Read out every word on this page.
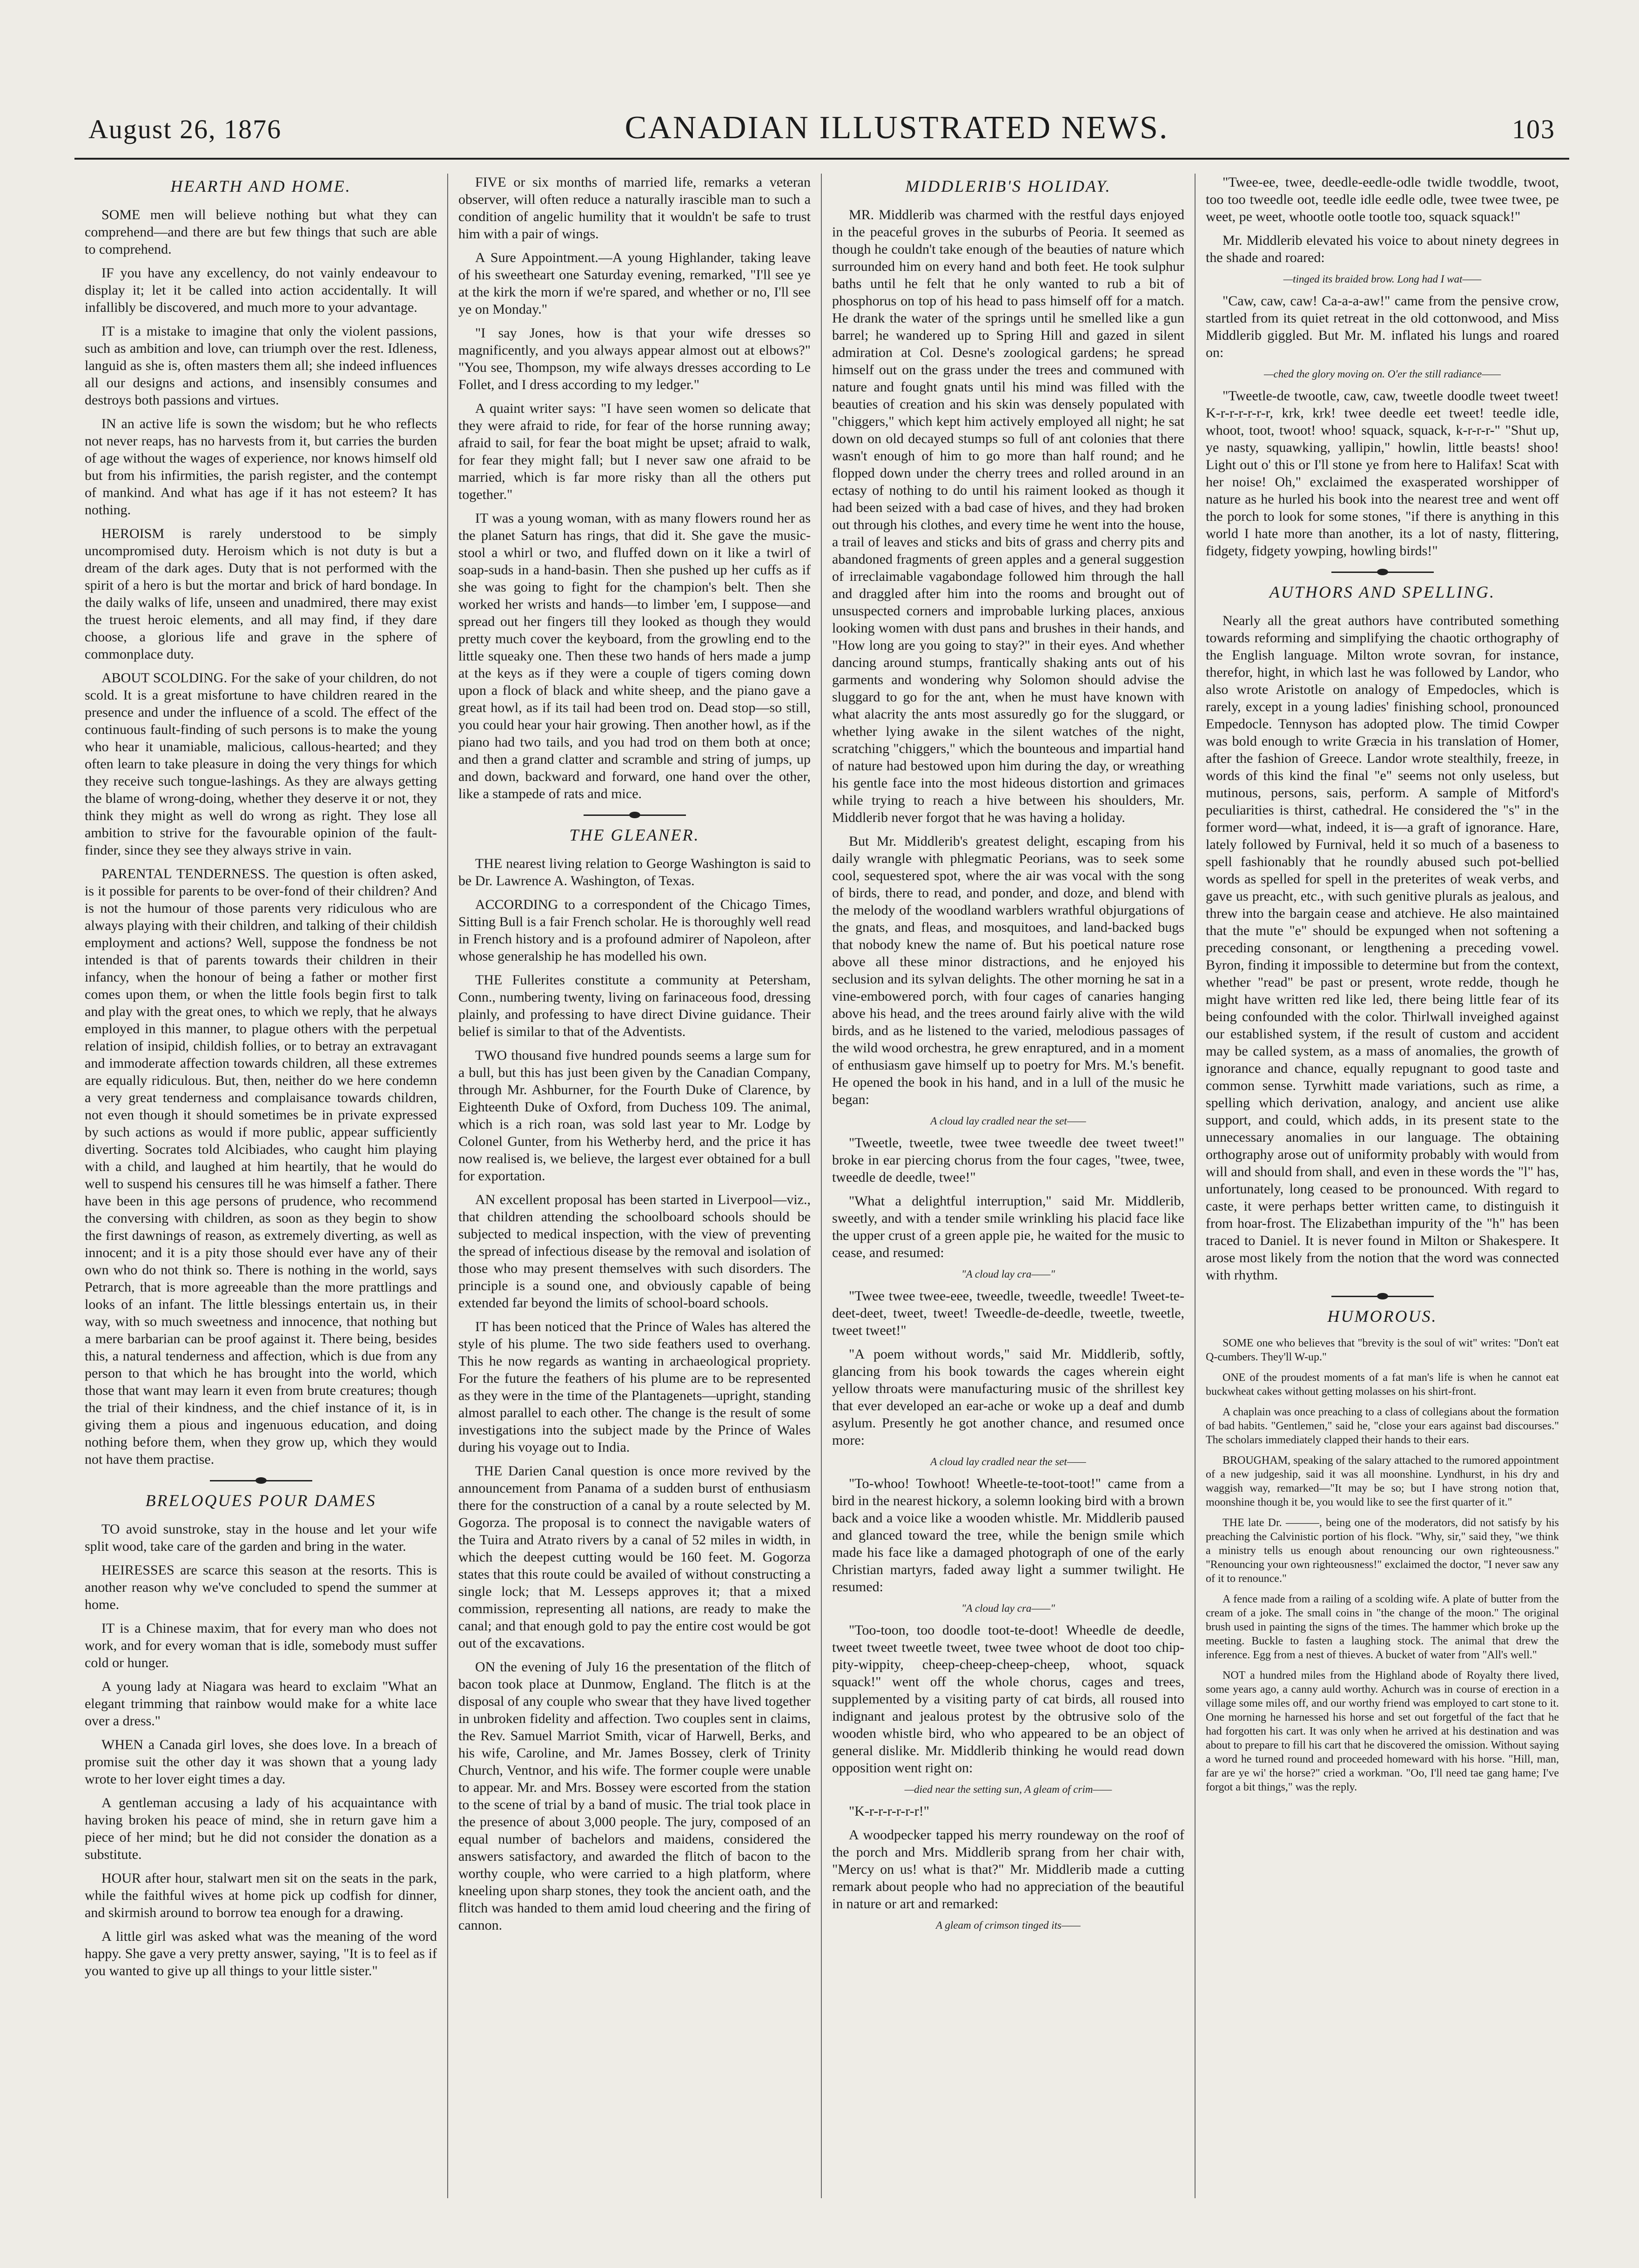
August 26, 1876	CANADIAN ILLUSTRATED NEWS.	103
HEARTH AND HOME.

SOME men will believe nothing but what they can comprehend—and there are but few things that such are able to comprehend.

IF you have any excellency, do not vainly endeavour to display it; let it be called into action accidentally. It will infallibly be discovered, and much more to your advantage.

IT is a mistake to imagine that only the violent passions, such as ambition and love, can triumph over the rest. Idleness, languid as she is, often masters them all; she indeed influences all our designs and actions, and insensibly consumes and destroys both passions and virtues.

IN an active life is sown the wisdom; but he who reflects not never reaps, has no harvests from it, but carries the burden of age without the wages of experience, nor knows himself old but from his infirmities, the parish register, and the contempt of mankind. And what has age if it has not esteem? It has nothing.

HEROISM is rarely understood to be simply uncompromised duty. Heroism which is not duty is but a dream of the dark ages. Duty that is not performed with the spirit of a hero is but the mortar and brick of hard bondage. In the daily walks of life, unseen and unadmired, there may exist the truest heroic elements, and all may find, if they dare choose, a glorious life and grave in the sphere of commonplace duty.

ABOUT SCOLDING. For the sake of your children, do not scold. It is a great misfortune to have children reared in the presence and under the influence of a scold. The effect of the continuous fault-finding of such persons is to make the young who hear it unamiable, malicious, callous-hearted; and they often learn to take pleasure in doing the very things for which they receive such tongue-lashings. As they are always getting the blame of wrong-doing, whether they deserve it or not, they think they might as well do wrong as right. They lose all ambition to strive for the favourable opinion of the fault-finder, since they see they always strive in vain.

PARENTAL TENDERNESS. The question is often asked, is it possible for parents to be over-fond of their children? And is not the humour of those parents very ridiculous who are always playing with their children, and talking of their childish employment and actions? Well, suppose the fondness be not intended is that of parents towards their children in their infancy, when the honour of being a father or mother first comes upon them, or when the little fools begin first to talk and play with the great ones, to which we reply, that he always employed in this manner, to plague others with the perpetual relation of insipid, childish follies, or to betray an extravagant and immoderate affection towards children, all these extremes are equally ridiculous. But, then, neither do we here condemn a very great tenderness and complaisance towards children, not even though it should sometimes be in private expressed by such actions as would if more public, appear sufficiently diverting. Socrates told Alcibiades, who caught him playing with a child, and laughed at him heartily, that he would do well to suspend his censures till he was himself a father. There have been in this age persons of prudence, who recommend the conversing with children, as soon as they begin to show the first dawnings of reason, as extremely diverting, as well as innocent; and it is a pity those should ever have any of their own who do not think so. There is nothing in the world, says Petrarch, that is more agreeable than the more prattlings and looks of an infant. The little blessings entertain us, in their way, with so much sweetness and innocence, that nothing but a mere barbarian can be proof against it. There being, besides this, a natural tenderness and affection, which is due from any person to that which he has brought into the world, which those that want may learn it even from brute creatures; though the trial of their kindness, and the chief instance of it, is in giving them a pious and ingenuous education, and doing nothing before them, when they grow up, which they would not have them practise.

BRELOQUES POUR DAMES

TO avoid sunstroke, stay in the house and let your wife split wood, take care of the garden and bring in the water.

HEIRESSES are scarce this season at the resorts. This is another reason why we've concluded to spend the summer at home.

IT is a Chinese maxim, that for every man who does not work, and for every woman that is idle, somebody must suffer cold or hunger.

A young lady at Niagara was heard to exclaim "What an elegant trimming that rainbow would make for a white lace over a dress."

WHEN a Canada girl loves, she does love. In a breach of promise suit the other day it was shown that a young lady wrote to her lover eight times a day.

A gentleman accusing a lady of his acquaintance with having broken his peace of mind, she in return gave him a piece of her mind; but he did not consider the donation as a substitute.

HOUR after hour, stalwart men sit on the seats in the park, while the faithful wives at home pick up codfish for dinner, and skirmish around to borrow tea enough for a drawing.

A little girl was asked what was the meaning of the word happy. She gave a very pretty answer, saying, "It is to feel as if you wanted to give up all things to your little sister."

FIVE or six months of married life, remarks a veteran observer, will often reduce a naturally irascible man to such a condition of angelic humility that it wouldn't be safe to trust him with a pair of wings.

A Sure Appointment.—A young Highlander, taking leave of his sweetheart one Saturday evening, remarked, "I'll see ye at the kirk the morn if we're spared, and whether or no, I'll see ye on Monday."

"I say Jones, how is that your wife dresses so magnificently, and you always appear almost out at elbows?" "You see, Thompson, my wife always dresses according to Le Follet, and I dress according to my ledger."

A quaint writer says: "I have seen women so delicate that they were afraid to ride, for fear of the horse running away; afraid to sail, for fear the boat might be upset; afraid to walk, for fear they might fall; but I never saw one afraid to be married, which is far more risky than all the others put together."

IT was a young woman, with as many flowers round her as the planet Saturn has rings, that did it. She gave the music-stool a whirl or two, and fluffed down on it like a twirl of soap-suds in a hand-basin. Then she pushed up her cuffs as if she was going to fight for the champion's belt. Then she worked her wrists and hands—to limber 'em, I suppose—and spread out her fingers till they looked as though they would pretty much cover the keyboard, from the growling end to the little squeaky one. Then these two hands of hers made a jump at the keys as if they were a couple of tigers coming down upon a flock of black and white sheep, and the piano gave a great howl, as if its tail had been trod on. Dead stop—so still, you could hear your hair growing. Then another howl, as if the piano had two tails, and you had trod on them both at once; and then a grand clatter and scramble and string of jumps, up and down, backward and forward, one hand over the other, like a stampede of rats and mice.

THE GLEANER.

THE nearest living relation to George Washington is said to be Dr. Lawrence A. Washington, of Texas.

ACCORDING to a correspondent of the Chicago Times, Sitting Bull is a fair French scholar. He is thoroughly well read in French history and is a profound admirer of Napoleon, after whose generalship he has modelled his own.

THE Fullerites constitute a community at Petersham, Conn., numbering twenty, living on farinaceous food, dressing plainly, and professing to have direct Divine guidance. Their belief is similar to that of the Adventists.

TWO thousand five hundred pounds seems a large sum for a bull, but this has just been given by the Canadian Company, through Mr. Ashburner, for the Fourth Duke of Clarence, by Eighteenth Duke of Oxford, from Duchess 109. The animal, which is a rich roan, was sold last year to Mr. Lodge by Colonel Gunter, from his Wetherby herd, and the price it has now realised is, we believe, the largest ever obtained for a bull for exportation.

AN excellent proposal has been started in Liverpool—viz., that children attending the schoolboard schools should be subjected to medical inspection, with the view of preventing the spread of infectious disease by the removal and isolation of those who may present themselves with such disorders. The principle is a sound one, and obviously capable of being extended far beyond the limits of school-board schools.

IT has been noticed that the Prince of Wales has altered the style of his plume. The two side feathers used to overhang. This he now regards as wanting in archaeological propriety. For the future the feathers of his plume are to be represented as they were in the time of the Plantagenets—upright, standing almost parallel to each other. The change is the result of some investigations into the subject made by the Prince of Wales during his voyage out to India.

THE Darien Canal question is once more revived by the announcement from Panama of a sudden burst of enthusiasm there for the construction of a canal by a route selected by M. Gogorza. The proposal is to connect the navigable waters of the Tuira and Atrato rivers by a canal of 52 miles in width, in which the deepest cutting would be 160 feet. M. Gogorza states that this route could be availed of without constructing a single lock; that M. Lesseps approves it; that a mixed commission, representing all nations, are ready to make the canal; and that enough gold to pay the entire cost would be got out of the excavations.

ON the evening of July 16 the presentation of the flitch of bacon took place at Dunmow, England. The flitch is at the disposal of any couple who swear that they have lived together in unbroken fidelity and affection. Two couples sent in claims, the Rev. Samuel Marriot Smith, vicar of Harwell, Berks, and his wife, Caroline, and Mr. James Bossey, clerk of Trinity Church, Ventnor, and his wife. The former couple were unable to appear. Mr. and Mrs. Bossey were escorted from the station to the scene of trial by a band of music. The trial took place in the presence of about 3,000 people. The jury, composed of an equal number of bachelors and maidens, considered the answers satisfactory, and awarded the flitch of bacon to the worthy couple, who were carried to a high platform, where kneeling upon sharp stones, they took the ancient oath, and the flitch was handed to them amid loud cheering and the firing of cannon.

MIDDLERIB'S HOLIDAY.

MR. Middlerib was charmed with the restful days enjoyed in the peaceful groves in the suburbs of Peoria. It seemed as though he couldn't take enough of the beauties of nature which surrounded him on every hand and both feet. He took sulphur baths until he felt that he only wanted to rub a bit of phosphorus on top of his head to pass himself off for a match. He drank the water of the springs until he smelled like a gun barrel; he wandered up to Spring Hill and gazed in silent admiration at Col. Desne's zoological gardens; he spread himself out on the grass under the trees and communed with nature and fought gnats until his mind was filled with the beauties of creation and his skin was densely populated with "chiggers," which kept him actively employed all night; he sat down on old decayed stumps so full of ant colonies that there wasn't enough of him to go more than half round; and he flopped down under the cherry trees and rolled around in an ectasy of nothing to do until his raiment looked as though it had been seized with a bad case of hives, and they had broken out through his clothes, and every time he went into the house, a trail of leaves and sticks and bits of grass and cherry pits and abandoned fragments of green apples and a general suggestion of irreclaimable vagabondage followed him through the hall and draggled after him into the rooms and brought out of unsuspected corners and improbable lurking places, anxious looking women with dust pans and brushes in their hands, and "How long are you going to stay?" in their eyes. And whether dancing around stumps, frantically shaking ants out of his garments and wondering why Solomon should advise the sluggard to go for the ant, when he must have known with what alacrity the ants most assuredly go for the sluggard, or whether lying awake in the silent watches of the night, scratching "chiggers," which the bounteous and impartial hand of nature had bestowed upon him during the day, or wreathing his gentle face into the most hideous distortion and grimaces while trying to reach a hive between his shoulders, Mr. Middlerib never forgot that he was having a holiday.

But Mr. Middlerib's greatest delight, escaping from his daily wrangle with phlegmatic Peorians, was to seek some cool, sequestered spot, where the air was vocal with the song of birds, there to read, and ponder, and doze, and blend with the melody of the woodland warblers wrathful objurgations of the gnats, and fleas, and mosquitoes, and land-backed bugs that nobody knew the name of. But his poetical nature rose above all these minor distractions, and he enjoyed his seclusion and its sylvan delights. The other morning he sat in a vine-embowered porch, with four cages of canaries hanging above his head, and the trees around fairly alive with the wild birds, and as he listened to the varied, melodious passages of the wild wood orchestra, he grew enraptured, and in a moment of enthusiasm gave himself up to poetry for Mrs. M.'s benefit. He opened the book in his hand, and in a lull of the music he began:

A cloud lay cradled near the set——

"Tweetle, tweetle, twee twee tweedle dee tweet tweet!" broke in ear piercing chorus from the four cages, "twee, twee, tweedle de deedle, twee!"

"What a delightful interruption," said Mr. Middlerib, sweetly, and with a tender smile wrinkling his placid face like the upper crust of a green apple pie, he waited for the music to cease, and resumed:

"A cloud lay cra——"

"Twee twee twee-eee, tweedle, tweedle, tweedle! Tweet-te-deet-deet, tweet, tweet! Tweedle-de-deedle, tweetle, tweetle, tweet tweet!"

"A poem without words," said Mr. Middlerib, softly, glancing from his book towards the cages wherein eight yellow throats were manufacturing music of the shrillest key that ever developed an ear-ache or woke up a deaf and dumb asylum. Presently he got another chance, and resumed once more:

A cloud lay cradled near the set——

"To-whoo! Towhoot! Wheetle-te-toot-toot!" came from a bird in the nearest hickory, a solemn looking bird with a brown back and a voice like a wooden whistle. Mr. Middlerib paused and glanced toward the tree, while the benign smile which made his face like a damaged photograph of one of the early Christian martyrs, faded away light a summer twilight. He resumed:

"A cloud lay cra——"

"Too-toon, too doodle toot-te-doot! Wheedle de deedle, tweet tweet tweetle tweet, twee twee whoot de doot too chip-pity-wippity, cheep-cheep-cheep-cheep, whoot, squack squack!" went off the whole chorus, cages and trees, supplemented by a visiting party of cat birds, all roused into indignant and jealous protest by the obtrusive solo of the wooden whistle bird, who who appeared to be an object of general dislike. Mr. Middlerib thinking he would read down opposition went right on:

—died near the setting sun, A gleam of crim——

"K-r-r-r-r-r-r!"

A woodpecker tapped his merry roundeway on the roof of the porch and Mrs. Middlerib sprang from her chair with, "Mercy on us! what is that?" Mr. Middlerib made a cutting remark about people who had no appreciation of the beautiful in nature or art and remarked:

A gleam of crimson tinged its——

"Twee-ee, twee, deedle-eedle-odle twidle twoddle, twoot, too too tweedle oot, teedle idle eedle odle, twee twee twee, pe weet, pe weet, whootle ootle tootle too, squack squack!"

Mr. Middlerib elevated his voice to about ninety degrees in the shade and roared:

—tinged its braided brow. Long had I wat——

"Caw, caw, caw! Ca-a-a-aw!" came from the pensive crow, startled from its quiet retreat in the old cottonwood, and Miss Middlerib giggled. But Mr. M. inflated his lungs and roared on:

—ched the glory moving on. O'er the still radiance——

"Tweetle-de twootle, caw, caw, tweetle doodle tweet tweet! K-r-r-r-r-r-r, krk, krk! twee deedle eet tweet! teedle idle, whoot, toot, twoot! whoo! squack, squack, k-r-r-r-" "Shut up, ye nasty, squawking, yallipin," howlin, little beasts! shoo! Light out o' this or I'll stone ye from here to Halifax! Scat with her noise! Oh," exclaimed the exasperated worshipper of nature as he hurled his book into the nearest tree and went off the porch to look for some stones, "if there is anything in this world I hate more than another, its a lot of nasty, flittering, fidgety, fidgety yowping, howling birds!"

AUTHORS AND SPELLING.

Nearly all the great authors have contributed something towards reforming and simplifying the chaotic orthography of the English language. Milton wrote sovran, for instance, therefor, hight, in which last he was followed by Landor, who also wrote Aristotle on analogy of Empedocles, which is rarely, except in a young ladies' finishing school, pronounced Empedocle. Tennyson has adopted plow. The timid Cowper was bold enough to write Græcia in his translation of Homer, after the fashion of Greece. Landor wrote stealthily, freeze, in words of this kind the final "e" seems not only useless, but mutinous, persons, sais, perform. A sample of Mitford's peculiarities is thirst, cathedral. He considered the "s" in the former word—what, indeed, it is—a graft of ignorance. Hare, lately followed by Furnival, held it so much of a baseness to spell fashionably that he roundly abused such pot-bellied words as spelled for spell in the preterites of weak verbs, and gave us preacht, etc., with such genitive plurals as jealous, and threw into the bargain cease and atchieve. He also maintained that the mute "e" should be expunged when not softening a preceding consonant, or lengthening a preceding vowel. Byron, finding it impossible to determine but from the context, whether "read" be past or present, wrote redde, though he might have written red like led, there being little fear of its being confounded with the color. Thirlwall inveighed against our established system, if the result of custom and accident may be called system, as a mass of anomalies, the growth of ignorance and chance, equally repugnant to good taste and common sense. Tyrwhitt made variations, such as rime, a spelling which derivation, analogy, and ancient use alike support, and could, which adds, in its present state to the unnecessary anomalies in our language. The obtaining orthography arose out of uniformity probably with would from will and should from shall, and even in these words the "l" has, unfortunately, long ceased to be pronounced. With regard to caste, it were perhaps better written came, to distinguish it from hoar-frost. The Elizabethan impurity of the "h" has been traced to Daniel. It is never found in Milton or Shakespere. It arose most likely from the notion that the word was connected with rhythm.

HUMOROUS.

SOME one who believes that "brevity is the soul of wit" writes: "Don't eat Q-cumbers. They'll W-up."

ONE of the proudest moments of a fat man's life is when he cannot eat buckwheat cakes without getting molasses on his shirt-front.

A chaplain was once preaching to a class of collegians about the formation of bad habits. "Gentlemen," said he, "close your ears against bad discourses." The scholars immediately clapped their hands to their ears.

BROUGHAM, speaking of the salary attached to the rumored appointment of a new judgeship, said it was all moonshine. Lyndhurst, in his dry and waggish way, remarked—"It may be so; but I have strong notion that, moonshine though it be, you would like to see the first quarter of it."

THE late Dr. ———, being one of the moderators, did not satisfy by his preaching the Calvinistic portion of his flock. "Why, sir," said they, "we think a ministry tells us enough about renouncing our own righteousness." "Renouncing your own righteousness!" exclaimed the doctor, "I never saw any of it to renounce."

A fence made from a railing of a scolding wife. A plate of butter from the cream of a joke. The small coins in "the change of the moon." The original brush used in painting the signs of the times. The hammer which broke up the meeting. Buckle to fasten a laughing stock. The animal that drew the inference. Egg from a nest of thieves. A bucket of water from "All's well."

NOT a hundred miles from the Highland abode of Royalty there lived, some years ago, a canny auld worthy. Achurch was in course of erection in a village some miles off, and our worthy friend was employed to cart stone to it. One morning he harnessed his horse and set out forgetful of the fact that he had forgotten his cart. It was only when he arrived at his destination and was about to prepare to fill his cart that he discovered the omission. Without saying a word he turned round and proceeded homeward with his horse. "Hill, man, far are ye wi' the horse?" cried a workman. "Oo, I'll need tae gang hame; I've forgot a bit things," was the reply.
